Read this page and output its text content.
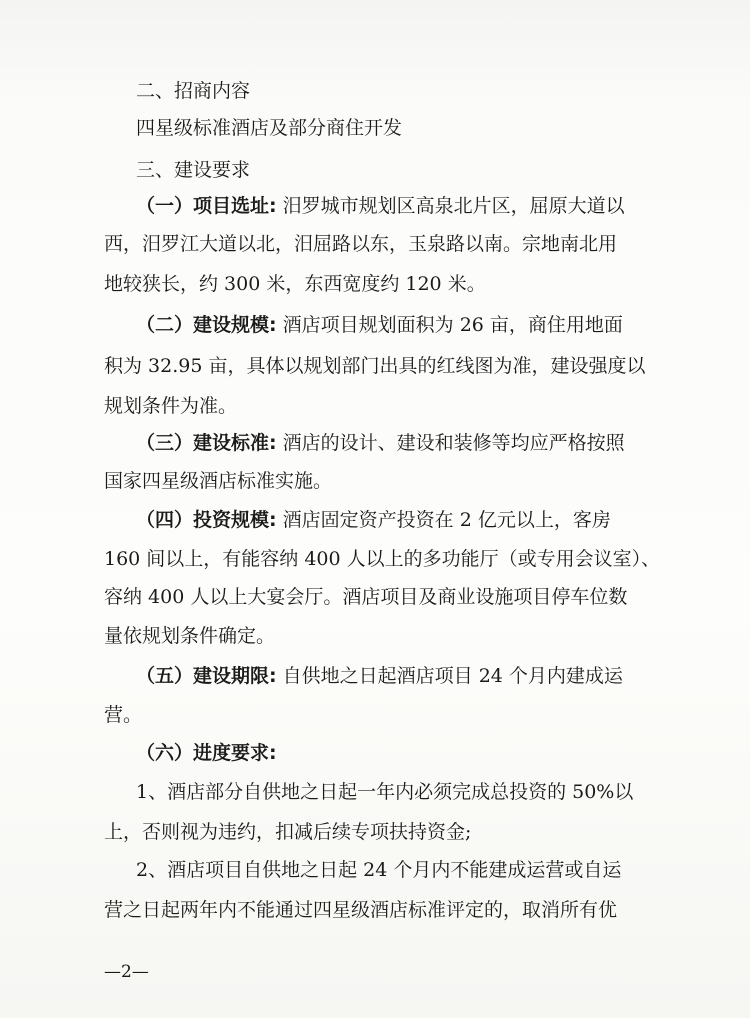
二、招商内容
四星级标准酒店及部分商住开发
三、建设要求
（一）项目选址: 汨罗城市规划区高泉北片区，屈原大道以
西，汨罗江大道以北，汨屈路以东，玉泉路以南。宗地南北用
地较狭长，约 300 米，东西宽度约 120 米。
（二）建设规模: 酒店项目规划面积为 26 亩，商住用地面
积为 32.95 亩，具体以规划部门出具的红线图为准，建设强度以
规划条件为准。
（三）建设标准: 酒店的设计、建设和装修等均应严格按照
国家四星级酒店标准实施。
（四）投资规模: 酒店固定资产投资在 2 亿元以上，客房
160 间以上，有能容纳 400 人以上的多功能厅（或专用会议室）、
容纳 400 人以上大宴会厅。酒店项目及商业设施项目停车位数
量依规划条件确定。
（五）建设期限: 自供地之日起酒店项目 24 个月内建成运
营。
（六）进度要求:
1、酒店部分自供地之日起一年内必须完成总投资的 50%以
上，否则视为违约，扣减后续专项扶持资金;
2、酒店项目自供地之日起 24 个月内不能建成运营或自运
营之日起两年内不能通过四星级酒店标准评定的，取消所有优
—2—
